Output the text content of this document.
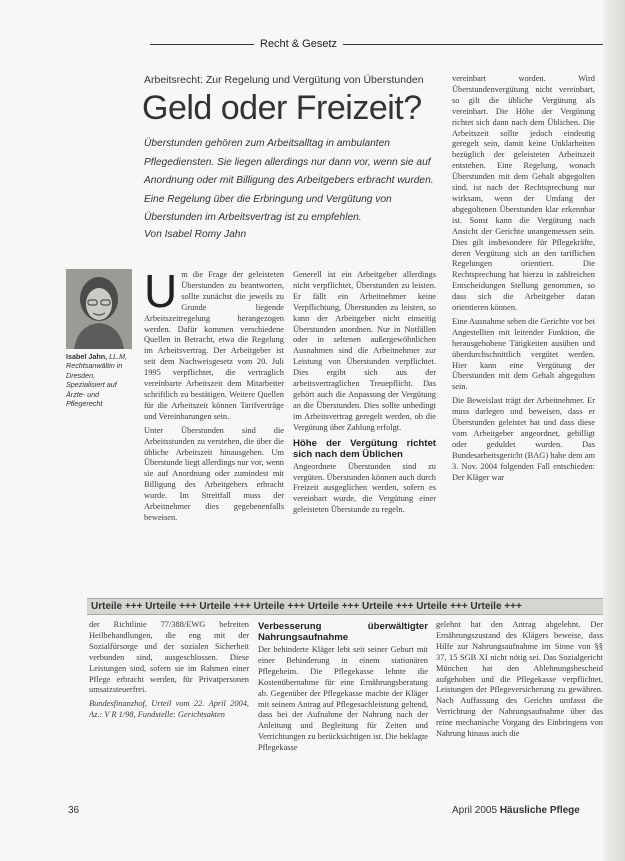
Recht & Gesetz
Arbeitsrecht: Zur Regelung und Vergütung von Überstunden
Geld oder Freizeit?
Überstunden gehören zum Arbeitsalltag in ambulanten Pflegediensten. Sie liegen allerdings nur dann vor, wenn sie auf Anordnung oder mit Billigung des Arbeitgebers erbracht wurden. Eine Regelung über die Erbringung und Vergütung von Überstunden im Arbeitsvertrag ist zu empfehlen.
Von Isabel Romy Jahn
Isabel Jahn, LL.M, Rechtsanwältin in Dresden, Spezialisiert auf Ärzte- und Pflegerecht
U m die Frage der geleisteten Überstunden zu beantworten, sollte zunächst die jeweils zu Grunde liegende Arbeitszeitregelung herangezogen werden. Dafür kommen verschiedene Quellen in Betracht, etwa die Regelung im Arbeitsvertrag. Der Arbeitgeber ist seit dem Nachweisgesetz vom 20. Juli 1995 verpflichtet, die vertraglich vereinbarte Arbeitszeit dem Mitarbeiter schriftlich zu bestätigen. Weitere Quellen für die Arbeitszeit können Tarifverträge und Vereinbarungen sein.

Unter Überstunden sind die Arbeitsstunden zu verstehen, die über die übliche Arbeitszeit hinausgehen. Um Überstunde liegt allerdings nur vor, wenn sie auf Anordnung oder zumindest mit Billigung des Arbeitgebers erbracht wurde. Im Streitfall muss der Arbeitnehmer dies gegebenenfalls beweisen.

Generell ist ein Arbeitgeber allerdings nicht verpflichtet, Überstunden zu leisten. Er fällt ein Arbeitnehmer keine Verpflichtung, Überstunden zu leisten, so kann der Arbeitgeber nicht einseitig Überstunden anordnen. Nur in Notfällen oder in seltenen außergewöhnlichen Ausnahmen sind die Arbeitnehmer zur Leistung von Überstunden verpflichtet. Dies ergibt sich aus der arbeitsvertraglichen Treuepflicht. Das gehört auch die Anpassung der Vergütung an die Überstunden. Dies sollte unbedingt im Arbeitsvertrag geregelt werden, ob die Vergütung über Zahlung erfolgt.

Höhe der Vergütung richtet sich nach dem Üblichen

Angeordnete Überstunden sind zu vergüten. Überstunden können auch durch Freizeit ausgeglichen werden, sofern es vereinbart wurde, die Vergütung einer geleisteten Überstunde zu regeln.

vereinbart worden. Wird Überstundenvergütung nicht vereinbart, so gilt die übliche Vergütung als vereinbart. Die Höhe der Vergütung richtet sich dann nach dem Üblichen. Die Arbeitszeit sollte jedoch eindeutig geregelt sein, damit keine Unklarheiten bezüglich der geleisteten Arbeitszeit entstehen. Eine Regelung, wonach Überstunden mit dem Gehalt abgegolten sind, ist nach der Rechtsprechung nur wirksam, wenn der Umfang der abgegoltenen Überstunden klar erkennbar ist. Sonst kann die Vergütung nach Ansicht der Gerichte unangemessen sein. Dies gilt insbesondere für Pflegekräfte, deren Vergütung sich an den tariflichen Regelungen orientiert. Die Rechtsprechung hat hierzu in zahlreichen Entscheidungen Stellung genommen, so dass sich die Arbeitgeber daran orientieren können.

Eine Ausnahme sehen die Gerichte vor bei Angestellten mit leitender Funktion, die herausgehobene Tätigkeiten ausüben und überdurchschnittlich vergütet werden. Hier kann eine Vergütung der Überstunden mit dem Gehalt abgegolten sein.

Die Beweislast trägt der Arbeitnehmer. Er muss darlegen und beweisen, dass er Überstunden geleistet hat und dass diese vom Arbeitgeber angeordnet, gebilligt oder geduldet wurden. Das Bundesarbeitsgericht (BAG) habe dem am 3. Nov. 2004 folgenden Fall entschieden: Der Kläger war

Urteile +++ Urteile +++ Urteile +++ Urteile +++ Urteile +++ Urteile +++ Urteile +++ Urteile +++

der Richtlinie 77/388/EWG befreiten Heilbehandlungen, die eng mit der Sozialfürsorge und der sozialen Sicherheit verbunden sind, ausgeschlossen. Diese Leistungen sind, sofern sie im Rahmen einer Pflege erbracht werden, für Privatpersonen umsatzsteuerfrei.

Bundesfinanzhof, Urteil vom 22. April 2004, Az.: V R 1/98, Fundstelle: Gerichtsakten

Verbesserung überwältigter Nahrungsaufnahme

Der behinderte Kläger lebt seit seiner Geburt mit einer Behinderung in einem stationären Pflegeheim. Die Pflegekasse lehnte die Kostenübernahme für eine Ernährungsberatung ab. Gegenüber der Pflegekasse machte der Kläger mit seinem Antrag auf Pflegesachleistung geltend, dass bei der Aufnahme der Nahrung nach der Anleitung und Begleitung für Zeiten und Verrichtungen zu berücksichtigen ist. Die beklagte Pflegekasse

gelehnt hat den Antrag abgelehnt. Der Ernährungszustand des Klägers beweise, dass Hilfe zur Nahrungsaufnahme im Sinne von §§ 37, 15 SGB XI nicht nötig sei. Das Sozialgericht München hat den Ablehnungsbescheid aufgehoben und die Pflegekasse verpflichtet, Leistungen der Pflegeversicherung zu gewähren. Nach Auffassung des Gerichts umfasst die Verrichtung der Nahrungsaufnahme über das reine mechanische Vorgang des Einbringens von Nahrung hinaus auch die

36	April 2005 Häusliche Pflege
